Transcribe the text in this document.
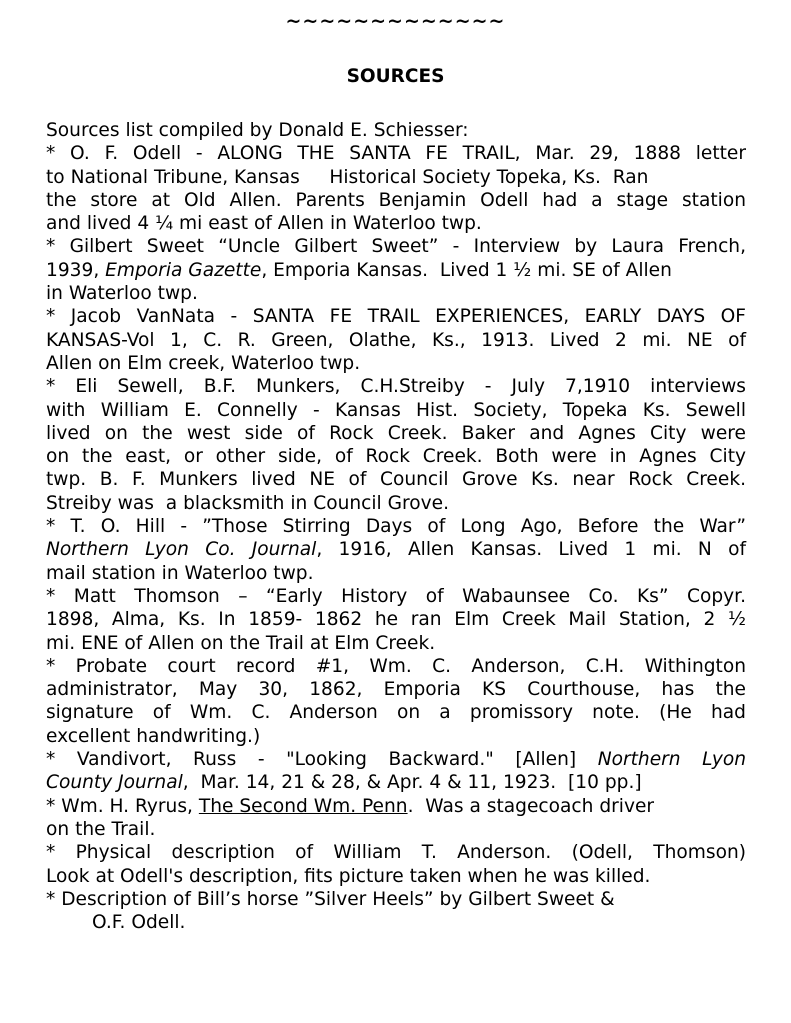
~~~~~~~~~~~~~
SOURCES
Sources list compiled by Donald E. Schiesser:
* O. F. Odell - ALONG THE SANTA FE TRAIL, Mar. 29, 1888 letter
to National Tribune, Kansas     Historical Society Topeka, Ks.  Ran
the store at Old Allen. Parents Benjamin Odell had a stage station
and lived 4 ¼ mi east of Allen in Waterloo twp.
* Gilbert Sweet “Uncle Gilbert Sweet” - Interview by Laura French,
1939, Emporia Gazette, Emporia Kansas.  Lived 1 ½ mi. SE of Allen
in Waterloo twp.
* Jacob VanNata - SANTA FE TRAIL EXPERIENCES, EARLY DAYS OF
KANSAS-Vol 1, C. R. Green, Olathe, Ks., 1913. Lived 2 mi. NE of
Allen on Elm creek, Waterloo twp.
* Eli Sewell, B.F. Munkers, C.H.Streiby - July 7,1910 interviews
with William E. Connelly - Kansas Hist. Society, Topeka Ks. Sewell
lived on the west side of Rock Creek. Baker and Agnes City were
on the east, or other side, of Rock Creek. Both were in Agnes City
twp. B. F. Munkers lived NE of Council Grove Ks. near Rock Creek.
Streiby was  a blacksmith in Council Grove.
* T. O. Hill - ”Those Stirring Days of Long Ago, Before the War”
Northern Lyon Co. Journal, 1916, Allen Kansas. Lived 1 mi. N of
mail station in Waterloo twp.
* Matt Thomson – “Early History of Wabaunsee Co. Ks” Copyr.
1898, Alma, Ks. In 1859- 1862 he ran Elm Creek Mail Station, 2 ½
mi. ENE of Allen on the Trail at Elm Creek.
* Probate court record #1, Wm. C. Anderson, C.H. Withington
administrator, May 30, 1862, Emporia KS Courthouse, has the
signature of Wm. C. Anderson on a promissory note. (He had
excellent handwriting.)
* Vandivort, Russ - "Looking Backward." [Allen] Northern Lyon
County Journal,  Mar. 14, 21 & 28, & Apr. 4 & 11, 1923.  [10 pp.]
* Wm. H. Ryrus, The Second Wm. Penn.  Was a stagecoach driver
on the Trail.
* Physical description of William T. Anderson. (Odell, Thomson)
Look at Odell's description, fits picture taken when he was killed.
* Description of Bill’s horse ”Silver Heels” by Gilbert Sweet &
O.F. Odell.
